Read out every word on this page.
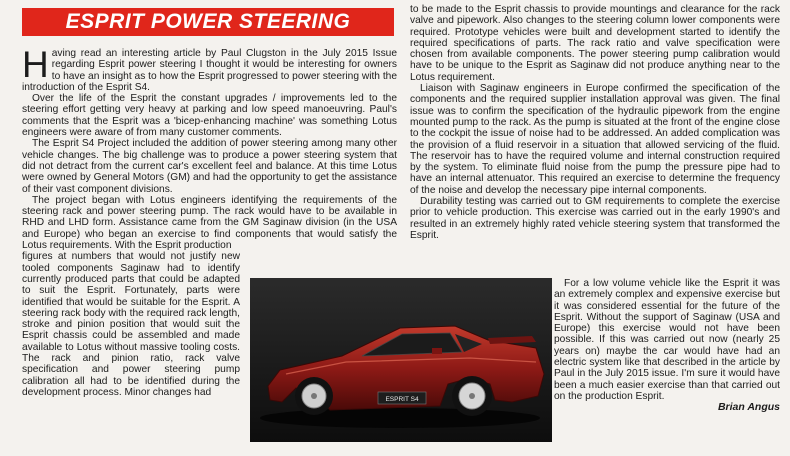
ESPRIT POWER STEERING

Having read an interesting article by Paul Clugston in the July 2015 Issue regarding Esprit power steering I thought it would be interesting for owners to have an insight as to how the Esprit progressed to power steering with the introduction of the Esprit S4.

Over the life of the Esprit the constant upgrades / improvements led to the steering effort getting very heavy at parking and low speed manoeuvring. Paul's comments that the Esprit was a 'bicep-enhancing machine' was something Lotus engineers were aware of from many customer comments.

The Esprit S4 Project included the addition of power steering among many other vehicle changes. The big challenge was to produce a power steering system that did not detract from the current car's excellent feel and balance. At this time Lotus were owned by General Motors (GM) and had the opportunity to get the assistance of their vast component divisions.

The project began with Lotus engineers identifying the requirements of the steering rack and power steering pump. The rack would have to be available in RHD and LHD form. Assistance came from the GM Saginaw division (in the USA and Europe) who began an exercise to find components that would satisfy the Lotus requirements. With the Esprit production

figures at numbers that would not justify new tooled components Saginaw had to identify currently produced parts that could be adapted to suit the Esprit. Fortunately, parts were identified that would be suitable for the Esprit. A steering rack body with the required rack length, stroke and pinion position that would suit the Esprit chassis could be assembled and made available to Lotus without massive tooling costs. The rack and pinion ratio, rack valve specification and power steering pump calibration all had to be identified during the development process. Minor changes had

to be made to the Esprit chassis to provide mountings and clearance for the rack valve and pipework. Also changes to the steering column lower components were required. Prototype vehicles were built and development started to identify the required specifications of parts. The rack ratio and valve specification were chosen from available components. The power steering pump calibration would have to be unique to the Esprit as Saginaw did not produce anything near to the Lotus requirement.

Liaison with Saginaw engineers in Europe confirmed the specification of the components and the required supplier installation approval was given. The final issue was to confirm the specification of the hydraulic pipework from the engine mounted pump to the rack. As the pump is situated at the front of the engine close to the cockpit the issue of noise had to be addressed. An added complication was the provision of a fluid reservoir in a situation that allowed servicing of the fluid. The reservoir has to have the required volume and internal construction required by the system. To eliminate fluid noise from the pump the pressure pipe had to have an internal attenuator. This required an exercise to determine the frequency of the noise and develop the necessary pipe internal components.

Durability testing was carried out to GM requirements to complete the exercise prior to vehicle production. This exercise was carried out in the early 1990's and resulted in an extremely highly rated vehicle steering system that transformed the Esprit.

ESPRIT S4

For a low volume vehicle like the Esprit it was an extremely complex and expensive exercise but it was considered essential for the future of the Esprit. Without the support of Saginaw (USA and Europe) this exercise would not have been possible. If this was carried out now (nearly 25 years on) maybe the car would have had an electric system like that described in the article by Paul in the July 2015 issue. I'm sure it would have been a much easier exercise than that carried out on the production Esprit.

Brian Angus
